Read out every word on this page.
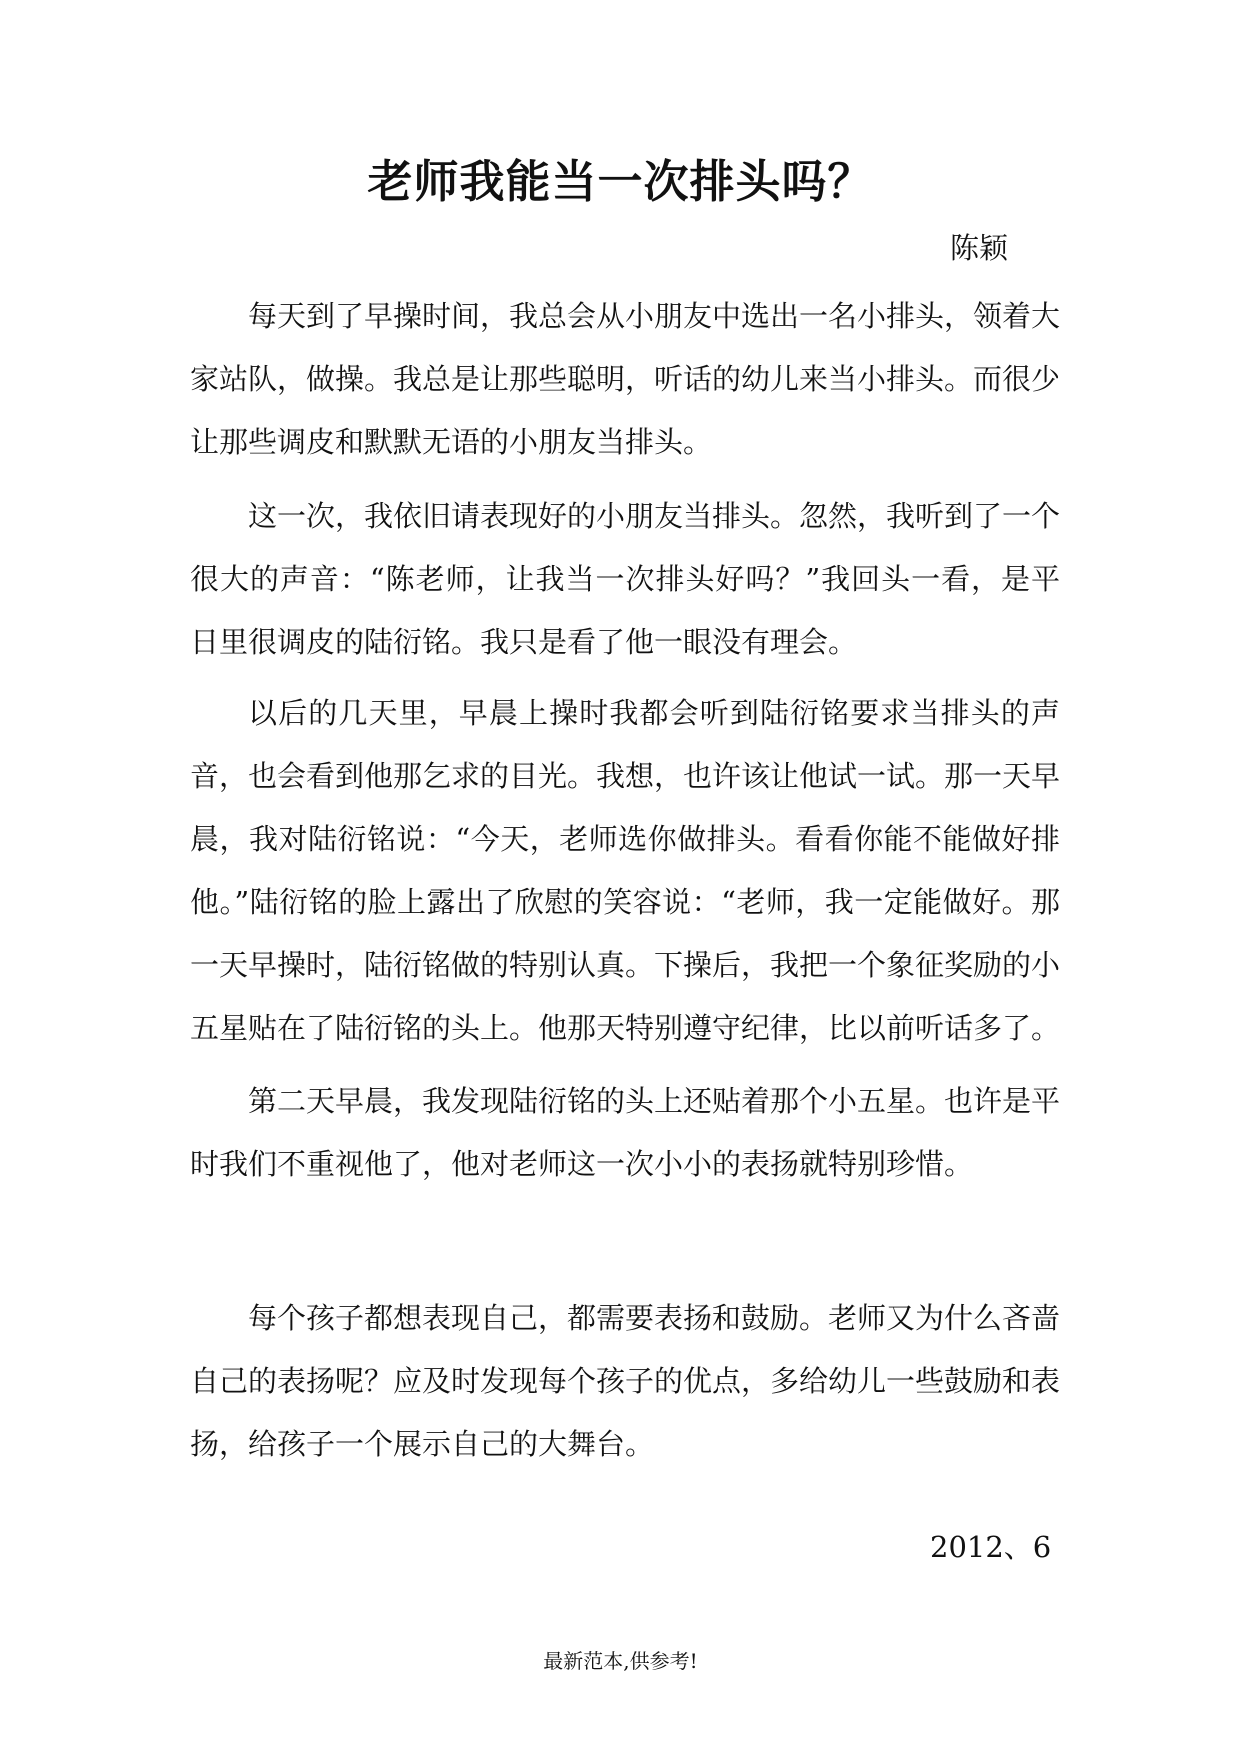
老师我能当一次排头吗？
陈颖

每天到了早操时间，我总会从小朋友中选出一名小排头，领着大家站队，做操。我总是让那些聪明，听话的幼儿来当小排头。而很少让那些调皮和默默无语的小朋友当排头。

这一次，我依旧请表现好的小朋友当排头。忽然，我听到了一个很大的声音：“陈老师，让我当一次排头好吗？”我回头一看，是平日里很调皮的陆衍铭。我只是看了他一眼没有理会。

以后的几天里，早晨上操时我都会听到陆衍铭要求当排头的声音，也会看到他那乞求的目光。我想，也许该让他试一试。那一天早晨，我对陆衍铭说：“今天，老师选你做排头。看看你能不能做好排他。”陆衍铭的脸上露出了欣慰的笑容说：“老师，我一定能做好。那一天早操时，陆衍铭做的特别认真。下操后，我把一个象征奖励的小五星贴在了陆衍铭的头上。他那天特别遵守纪律，比以前听话多了。

第二天早晨，我发现陆衍铭的头上还贴着那个小五星。也许是平时我们不重视他了，他对老师这一次小小的表扬就特别珍惜。

每个孩子都想表现自己，都需要表扬和鼓励。老师又为什么吝啬自己的表扬呢？应及时发现每个孩子的优点，多给幼儿一些鼓励和表扬，给孩子一个展示自己的大舞台。

2012、6
最新范本,供参考!
